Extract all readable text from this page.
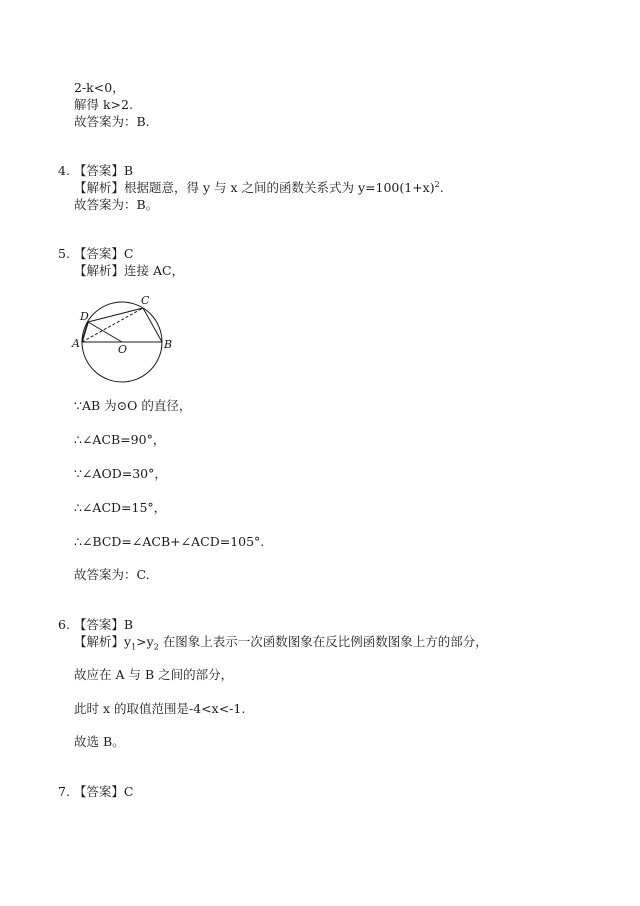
2-k<0，
解得 k>2.
故答案为：B.
4. 【答案】B
【解析】根据题意，得 y 与 x 之间的函数关系式为 $y=100(1+x)^2$.
故答案为：B。
5. 【答案】C
【解析】连接 AC，
A	B
C
D
O
∵AB 为⊙O 的直径，
∴∠ACB=90°，
∵∠AOD=30°，
∴∠ACD=15°，
∴∠BCD=∠ACB+∠ACD=105°.
故答案为：C.
6. 【答案】B
【解析】$y_1>y_2$ 在图象上表示一次函数图象在反比例函数图象上方的部分，
故应在 A 与 B 之间的部分，
此时 x 的取值范围是-4<x<-1.
故选 B。
7. 【答案】C
